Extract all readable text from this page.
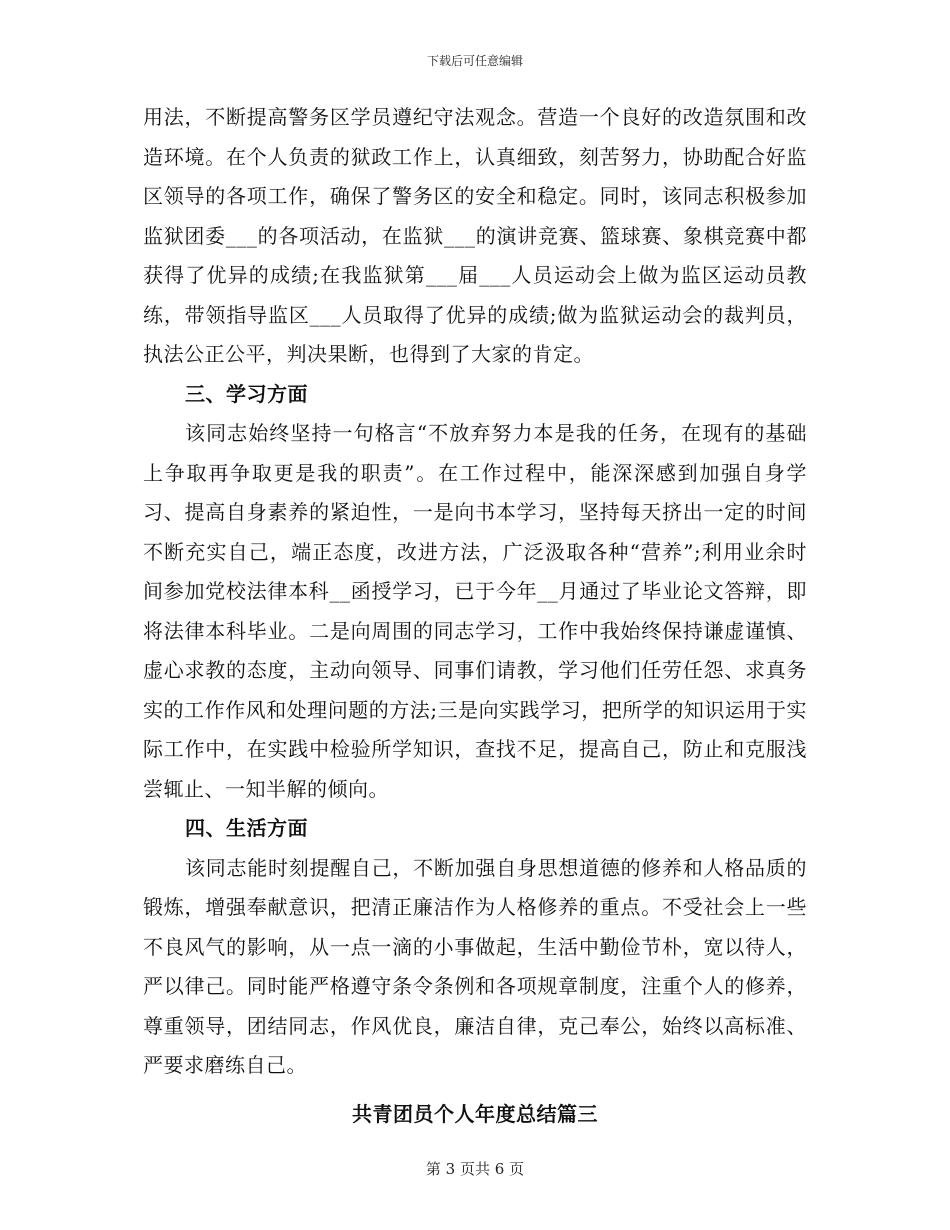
下载后可任意编辑

用法，不断提高警务区学员遵纪守法观念。营造一个良好的改造氛围和改造环境。在个人负责的狱政工作上，认真细致，刻苦努力，协助配合好监区领导的各项工作，确保了警务区的安全和稳定。同时，该同志积极参加监狱团委___的各项活动，在监狱___的演讲竞赛、篮球赛、象棋竞赛中都获得了优异的成绩;在我监狱第___届___人员运动会上做为监区运动员教练，带领指导监区___人员取得了优异的成绩;做为监狱运动会的裁判员，执法公正公平，判决果断，也得到了大家的肯定。

三、学习方面

该同志始终坚持一句格言“不放弃努力本是我的任务，在现有的基础上争取再争取更是我的职责”。在工作过程中，能深深感到加强自身学习、提高自身素养的紧迫性，一是向书本学习，坚持每天挤出一定的时间不断充实自己，端正态度，改进方法，广泛汲取各种“营养”;利用业余时间参加党校法律本科__函授学习，已于今年__月通过了毕业论文答辩，即将法律本科毕业。二是向周围的同志学习，工作中我始终保持谦虚谨慎、虚心求教的态度，主动向领导、同事们请教，学习他们任劳任怨、求真务实的工作作风和处理问题的方法;三是向实践学习，把所学的知识运用于实际工作中，在实践中检验所学知识，查找不足，提高自己，防止和克服浅尝辄止、一知半解的倾向。

四、生活方面

该同志能时刻提醒自己，不断加强自身思想道德的修养和人格品质的锻炼，增强奉献意识，把清正廉洁作为人格修养的重点。不受社会上一些不良风气的影响，从一点一滴的小事做起，生活中勤俭节朴，宽以待人，严以律己。同时能严格遵守条令条例和各项规章制度，注重个人的修养，尊重领导，团结同志，作风优良，廉洁自律，克己奉公，始终以高标准、严要求磨练自己。

共青团员个人年度总结篇三

第 3 页共 6 页
